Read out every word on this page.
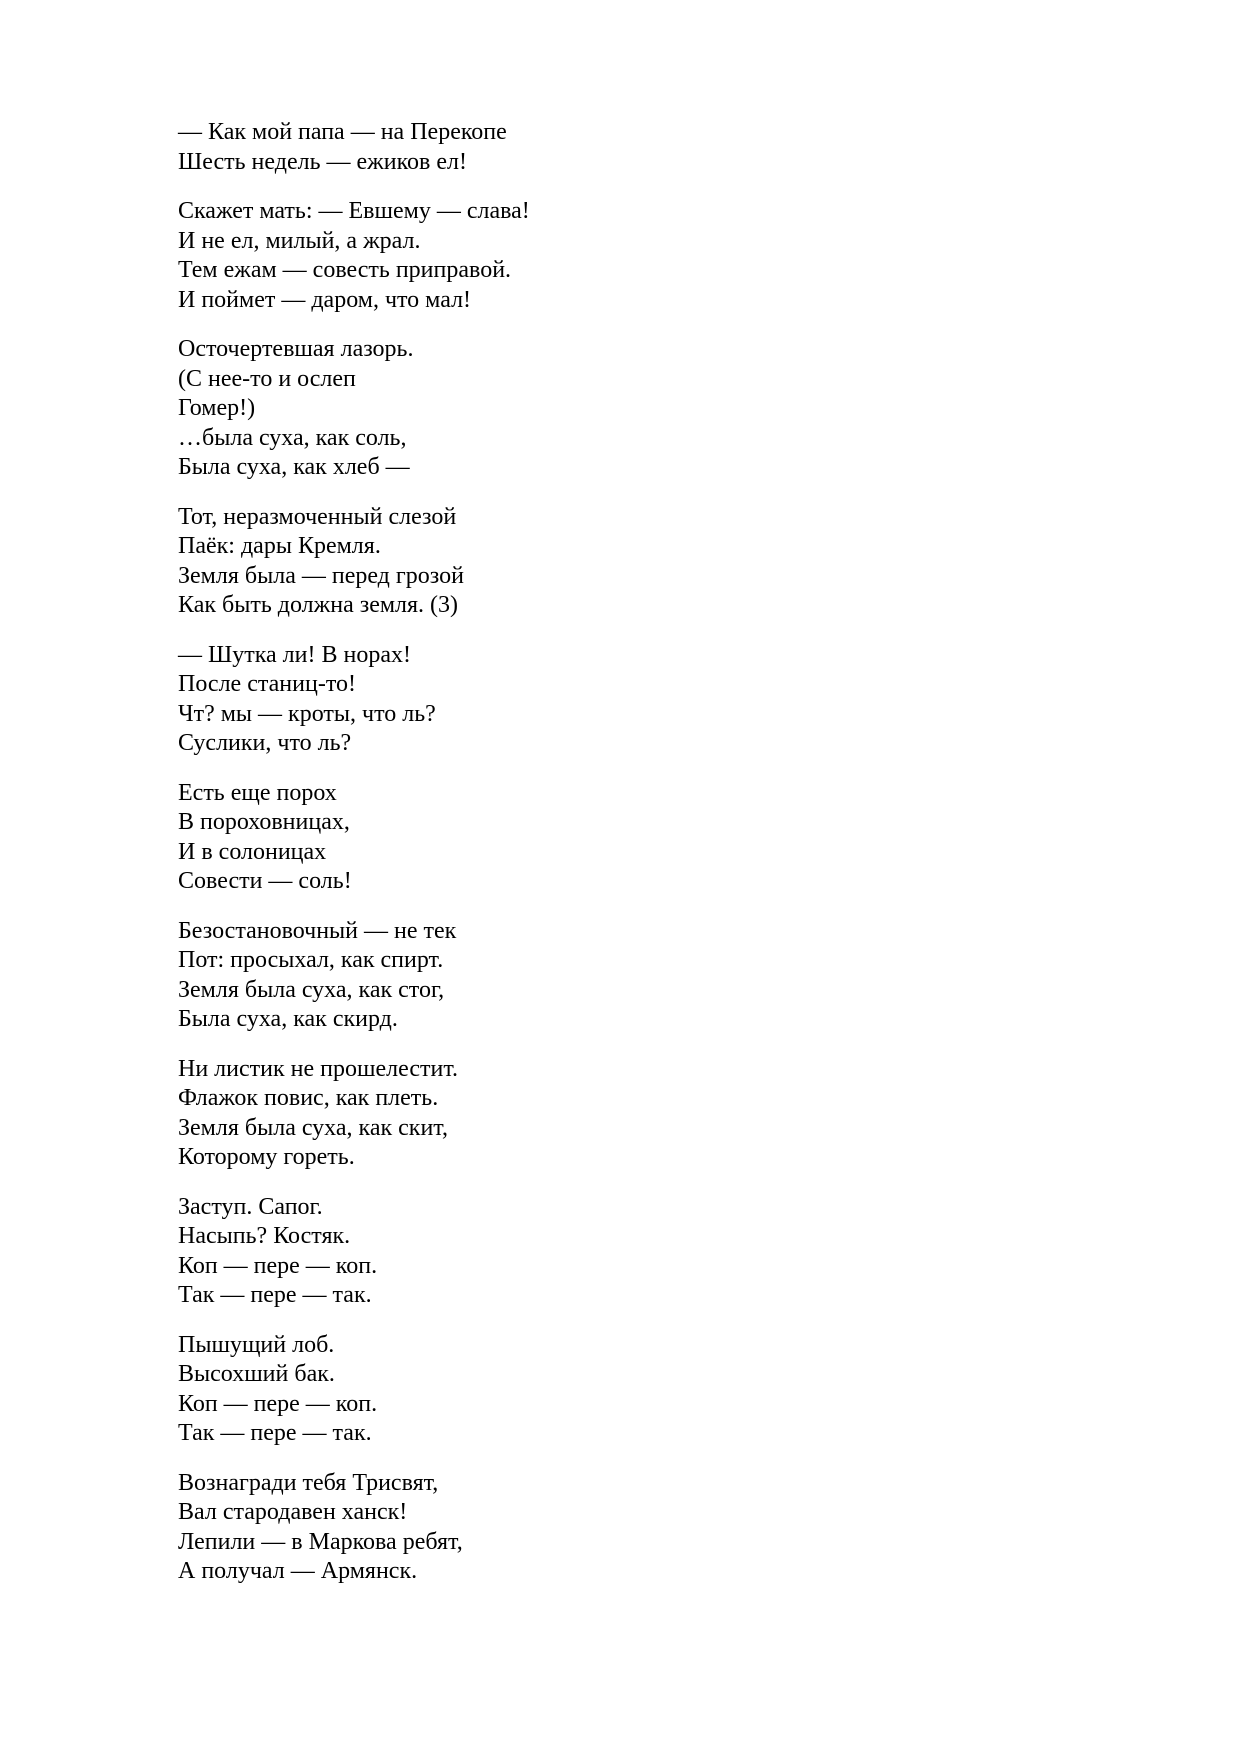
— Как мой папа — на Перекопе
Шесть недель — ежиков ел!
Скажет мать: — Евшему — слава!
И не ел, милый, а жрал.
Тем ежам — совесть приправой.
И поймет — даром, что мал!
Осточертевшая лазорь.
(С нее-то и ослеп
Гомер!)
…была суха, как соль,
Была суха, как хлеб —
Тот, неразмоченный слезой
Паёк: дары Кремля.
Земля была — перед грозой
Как быть должна земля. (3)
— Шутка ли! В норах!
После станиц-то!
Чт? мы — кроты, что ль?
Суслики, что ль?
Есть еще порох
В пороховницах,
И в солоницах
Совести — соль!
Безостановочный — не тек
Пот: просыхал, как спирт.
Земля была суха, как стог,
Была суха, как скирд.
Ни листик не прошелестит.
Флажок повис, как плеть.
Земля была суха, как скит,
Которому гореть.
Заступ. Сапог.
Насыпь? Костяк.
Коп — пере — коп.
Так — пере — так.
Пышущий лоб.
Высохший бак.
Коп — пере — коп.
Так — пере — так.
Вознагради тебя Трисвят,
Вал стародавен ханск!
Лепили — в Маркова ребят,
А получал — Армянск.
